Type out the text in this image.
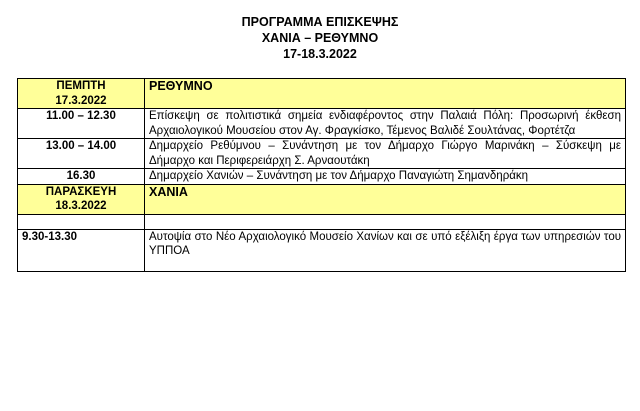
ΠΡΟΓΡΑΜΜΑ ΕΠΙΣΚΕΨΗΣ
ΧΑΝΙΑ – ΡΕΘΥΜΝΟ
17-18.3.2022
ΠΕΜΠΤΗ
17.3.2022	ΡΕΘΥΜΝΟ
11.00 – 12.30	Επίσκεψη σε πολιτιστικά σημεία ενδιαφέροντος στην Παλαιά Πόλη: Προσωρινή έκθεση Αρχαιολογικού Μουσείου στον Αγ. Φραγκίσκο, Τέμενος Βαλιδέ Σουλτάνας, Φορτέτζα
13.00 – 14.00	Δημαρχείο Ρεθύμνου – Συνάντηση με τον Δήμαρχο Γιώργο Μαρινάκη – Σύσκεψη με Δήμαρχο και Περιφερειάρχη Σ. Αρναουτάκη
16.30	Δημαρχείο Χανιών – Συνάντηση με τον Δήμαρχο Παναγιώτη Σημανδηράκη

ΠΑΡΑΣΚΕΥΗ
18.3.2022	ΧΑΝΙΑ

9.30-13.30	Αυτοψία στο Νέο Αρχαιολογικό Μουσείο Χανίων και σε υπό εξέλιξη έργα των υπηρεσιών του ΥΠΠΟΑ
